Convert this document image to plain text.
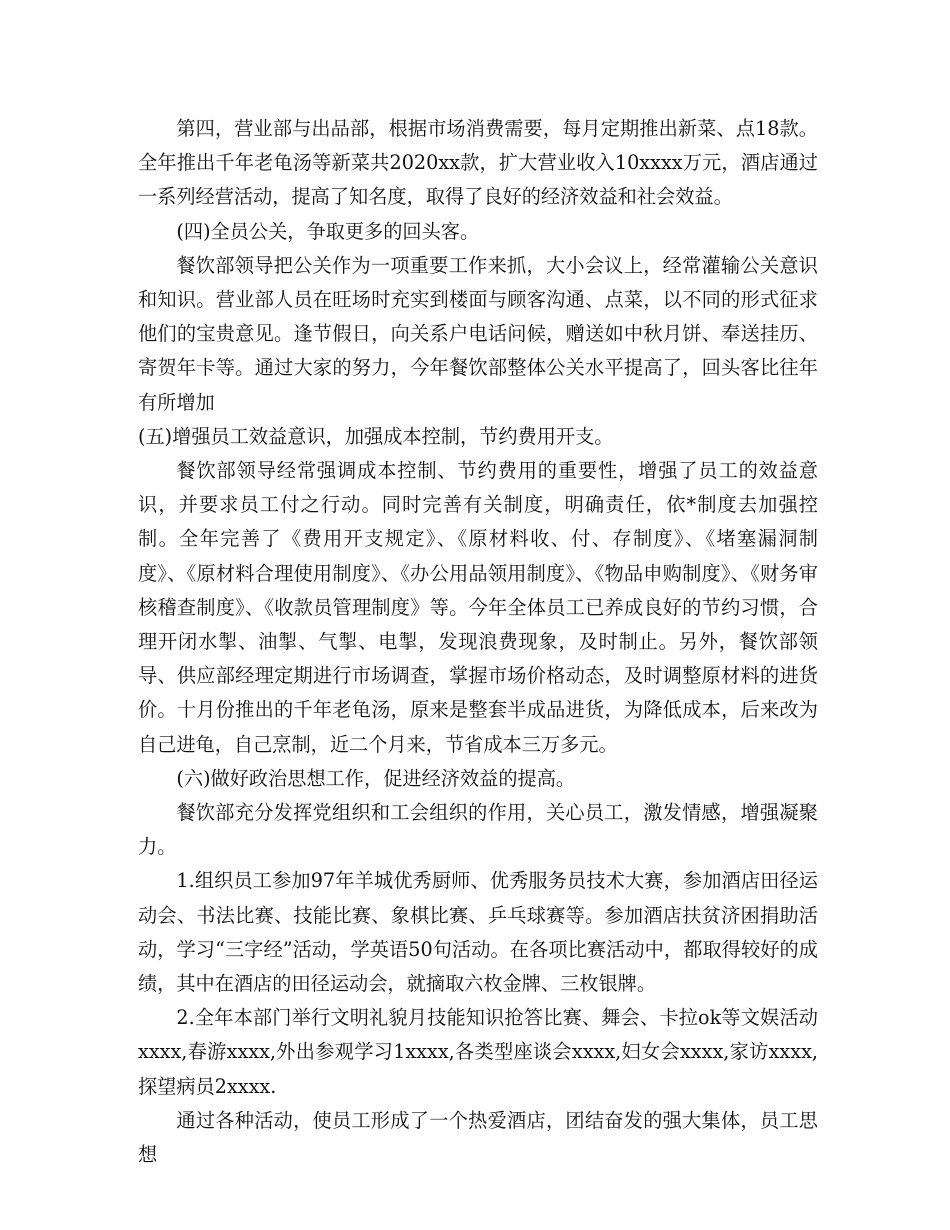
第四，营业部与出品部，根据市场消费需要，每月定期推出新菜、点18款。全年推出千年老龟汤等新菜共2020xx款，扩大营业收入10xxxx万元，酒店通过一系列经营活动，提高了知名度，取得了良好的经济效益和社会效益。

(四)全员公关，争取更多的回头客。

餐饮部领导把公关作为一项重要工作来抓，大小会议上，经常灌输公关意识和知识。营业部人员在旺场时充实到楼面与顾客沟通、点菜，以不同的形式征求他们的宝贵意见。逢节假日，向关系户电话问候，赠送如中秋月饼、奉送挂历、寄贺年卡等。通过大家的努力，今年餐饮部整体公关水平提高了，回头客比往年有所增加

(五)增强员工效益意识，加强成本控制，节约费用开支。

餐饮部领导经常强调成本控制、节约费用的重要性，增强了员工的效益意识，并要求员工付之行动。同时完善有关制度，明确责任，依*制度去加强控制。全年完善了《费用开支规定》、《原材料收、付、存制度》、《堵塞漏洞制度》、《原材料合理使用制度》、《办公用品领用制度》、《物品申购制度》、《财务审核稽查制度》、《收款员管理制度》等。今年全体员工已养成良好的节约习惯，合理开闭水掣、油掣、气掣、电掣，发现浪费现象，及时制止。另外，餐饮部领导、供应部经理定期进行市场调查，掌握市场价格动态，及时调整原材料的进货价。十月份推出的千年老龟汤，原来是整套半成品进货，为降低成本，后来改为自己进龟，自己烹制，近二个月来，节省成本三万多元。

(六)做好政治思想工作，促进经济效益的提高。

餐饮部充分发挥党组织和工会组织的作用，关心员工，激发情感，增强凝聚力。

1.组织员工参加97年羊城优秀厨师、优秀服务员技术大赛，参加酒店田径运动会、书法比赛、技能比赛、象棋比赛、乒乓球赛等。参加酒店扶贫济困捐助活动，学习“三字经”活动，学英语50句活动。在各项比赛活动中，都取得较好的成绩，其中在酒店的田径运动会，就摘取六枚金牌、三枚银牌。

2.全年本部门举行文明礼貌月技能知识抢答比赛、舞会、卡拉ok等文娱活动xxxx,春游xxxx,外出参观学习1xxxx,各类型座谈会xxxx,妇女会xxxx,家访xxxx,探望病员2xxxx.

通过各种活动，使员工形成了一个热爱酒店，团结奋发的强大集体，员工思想
